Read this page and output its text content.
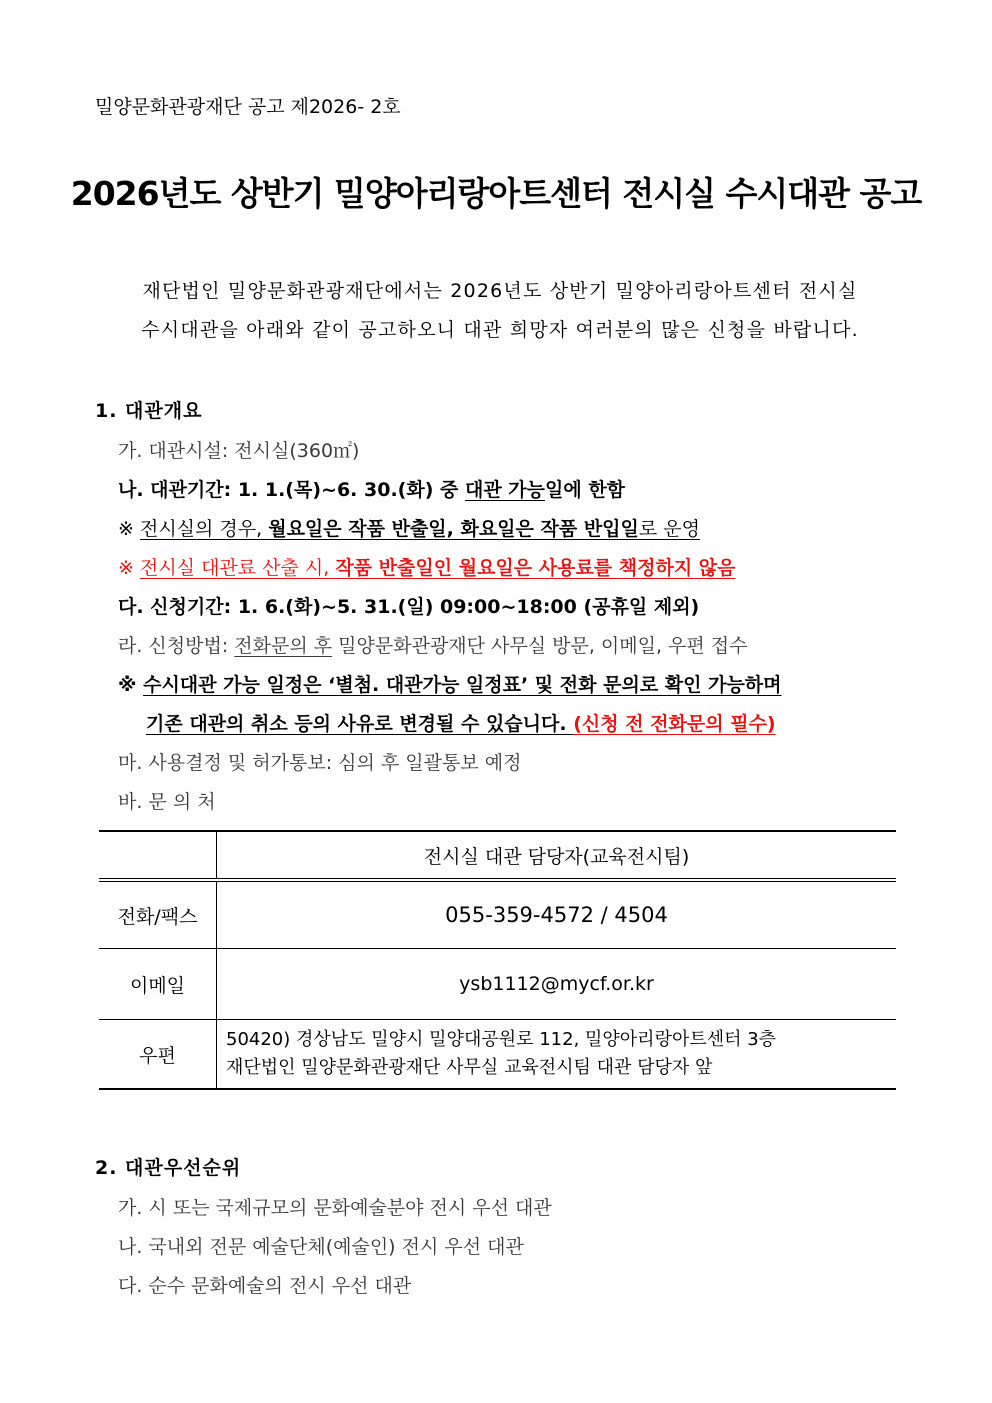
밀양문화관광재단 공고 제2026- 2호
2026년도 상반기 밀양아리랑아트센터 전시실 수시대관 공고
재단법인 밀양문화관광재단에서는 2026년도 상반기 밀양아리랑아트센터 전시실
수시대관을 아래와 같이 공고하오니 대관 희망자 여러분의 많은 신청을 바랍니다.
1. 대관개요
가. 대관시설: 전시실(360㎡)
나. 대관기간: 1. 1.(목)~6. 30.(화) 중 대관 가능일에 한함
※ 전시실의 경우, 월요일은 작품 반출일, 화요일은 작품 반입일로 운영
※ 전시실 대관료 산출 시, 작품 반출일인 월요일은 사용료를 책정하지 않음
다. 신청기간: 1. 6.(화)~5. 31.(일) 09:00~18:00 (공휴일 제외)
라. 신청방법: 전화문의 후 밀양문화관광재단 사무실 방문, 이메일, 우편 접수
※ 수시대관 가능 일정은 ‘별첨. 대관가능 일정표’ 및 전화 문의로 확인 가능하며
기존 대관의 취소 등의 사유로 변경될 수 있습니다. (신청 전 전화문의 필수)
마. 사용결정 및 허가통보: 심의 후 일괄통보 예정
바. 문 의 처
	전시실 대관 담당자(교육전시팀)
전화/팩스	055-359-4572 / 4504
이메일	ysb1112@mycf.or.kr
우편	50420) 경상남도 밀양시 밀양대공원로 112, 밀양아리랑아트센터 3층
재단법인 밀양문화관광재단 사무실 교육전시팀 대관 담당자 앞
2. 대관우선순위
가. 시 또는 국제규모의 문화예술분야 전시 우선 대관
나. 국내외 전문 예술단체(예술인) 전시 우선 대관
다. 순수 문화예술의 전시 우선 대관
